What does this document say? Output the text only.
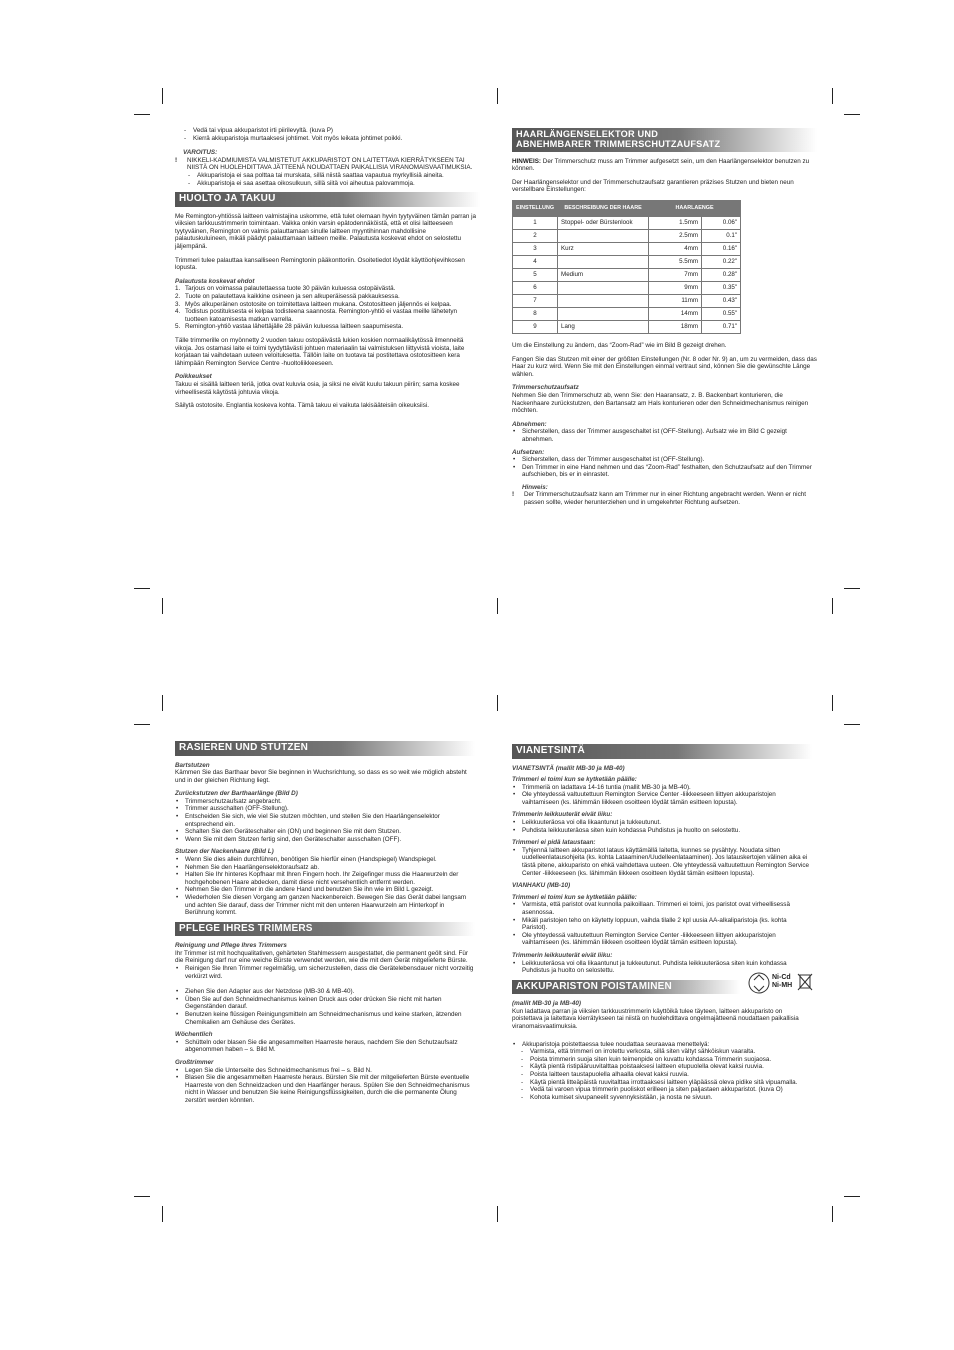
- Vedä tai vipua akkuparistot irti piirilevyltä. (kuva P)
- Kierrä akkuparistoja murtaaksesi johtimet. Voit myös leikata johtimet poikki.
VAROITUS:
! NIKKELI-KADMIUMISTA VALMISTETUT AKKUPARISTOT ON LAITETTAVA KIERRÄTYKSEEN TAI NIISTÄ ON HUOLEHDITTAVA JÄTTEENÄ NOUDATTAEN PAIKALLISIA VIRANOMAISVAATIMUKSIA.
- Akkuparistoja ei saa polttaa tai murskata, sillä niistä saattaa vapautua myrkyllisiä aineita.
- Akkuparistoja ei saa asettaa oikosulkuun, sillä siitä voi aiheutua palovammoja.
HUOLTO JA TAKUU

Me Remington-yhtiössä laitteen valmistajina uskomme, että tulet olemaan hyvin tyytyväinen tämän parran ja viiksien tarkkuustrimmerin toimintaan. Vaikka onkin varsin epätodennäköistä, että et olisi laitteeseen tyytyväinen, Remington on valmis palauttamaan sinulle laitteen myyntihinnan mahdollisine palautuskuluineen, mikäli päädyt palauttamaan laitteen meille. Palautusta koskevat ehdot on selostettu jäljempänä.

Trimmeri tulee palauttaa kansalliseen Remingtonin pääkonttoriin. Osoitetiedot löydät käyttöohjevihkosen lopusta.

Palautusta koskevat ehdot
1. Tarjous on voimassa palautettaessa tuote 30 päivän kuluessa ostopäivästä.
2. Tuote on palautettava kaikkine osineen ja sen alkuperäisessä pakkauksessa.
3. Myös alkuperäinen ostotosite on toimitettava laitteen mukana. Ostotositteen jäljennös ei kelpaa.
4. Todistus postituksesta ei kelpaa todisteena saannosta. Remington-yhtiö ei vastaa meille lähetetyn tuotteen katoamisesta matkan varrella.
5. Remington-yhtiö vastaa lähettäjälle 28 päivän kuluessa laitteen saapumisesta.

Tälle trimmerille on myönnetty 2 vuoden takuu ostopäivästä lukien koskien normaalikäytössä ilmenneitä vikoja. Jos ostamasi laite ei toimi tyydyttävästi johtuen materiaalin tai valmistuksen liittyvistä vioista, laite korjataan tai vaihdetaan uuteen veloituksetta. Tällöin laite on tuotava tai postitettava ostotositteen kera lähimpään Remington Service Centre -huoltoliikkeeseen.

Poikkeukset

Takuu ei sisällä laitteen teriä, jotka ovat kuluvia osia, ja siksi ne eivät kuulu takuun piiriin; sama koskee virheellisestä käytöstä johtuvia vikoja.

Säilytä ostotosite. Englantia koskeva kohta. Tämä takuu ei vaikuta lakisääteisiin oikeuksiisi.

HAARLÄNGENSELEKTOR UND
ABNEHMBARER TRIMMERSCHUTZAUFSATZ

HINWEIS: Der Trimmerschutz muss am Trimmer aufgesetzt sein, um den Haarlängenselektor benutzen zu können.

Der Haarlängenselektor und der Trimmerschutzaufsatz garantieren präzises Stutzen und bieten neun verstellbare Einstellungen:

EINSTELLUNG	BESCHREIBUNG DER HAARE	HAARLAENGE	
1	Stoppel- oder Bürstenlook	1.5mm	0.06"
2		2.5mm	0.1"
3	Kurz	4mm	0.16"
4		5.5mm	0.22"
5	Medium	7mm	0.28"
6		9mm	0.35"
7		11mm	0.43"
8		14mm	0.55"
9	Lang	18mm	0.71"

Um die Einstellung zu ändern, das “Zoom-Rad” wie im Bild B gezeigt drehen.

Fangen Sie das Stutzen mit einer der größten Einstellungen (Nr. 8 oder Nr. 9) an, um zu vermeiden, dass das Haar zu kurz wird. Wenn Sie mit den Einstellungen einmal vertraut sind, können Sie die gewünschte Länge wählen.

Trimmerschutzaufsatz

Nehmen Sie den Trimmerschutz ab, wenn Sie: den Haaransatz, z. B. Backenbart konturieren, die Nackenhaare zurückstutzen, den Bartansatz am Hals konturieren oder den Schneidmechanismus reinigen möchten.

Abnehmen:
• Sicherstellen, dass der Trimmer ausgeschaltet ist (OFF-Stellung). Aufsatz wie im Bild C gezeigt abnehmen.
Aufsetzen:
• Sicherstellen, dass der Trimmer ausgeschaltet ist (OFF-Stellung).
• Den Trimmer in eine Hand nehmen und das “Zoom-Rad” festhalten, den Schutzaufsatz auf den Trimmer aufschieben, bis er in einrastet.
Hinweis:
! Der Trimmerschutzaufsatz kann am Trimmer nur in einer Richtung angebracht werden. Wenn er nicht passen sollte, wieder herunterziehen und in umgekehrter Richtung aufsetzen.
RASIEREN UND STUTZEN
Bartstutzen

Kämmen Sie das Barthaar bevor Sie beginnen in Wuchsrichtung, so dass es so weit wie möglich absteht und in der gleichen Richtung liegt.

Zurückstutzen der Barthaarlänge (Bild D)
• Trimmerschutzaufsatz angebracht.
• Trimmer ausschalten (OFF-Stellung).
• Entscheiden Sie sich, wie viel Sie stutzen möchten, und stellen Sie den Haarlängenselektor entsprechend ein.
• Schalten Sie den Geräteschalter ein (ON) und beginnen Sie mit dem Stutzen.
• Wenn Sie mit dem Stutzen fertig sind, den Geräteschalter ausschalten (OFF).
Stutzen der Nackenhaare (Bild L)
• Wenn Sie dies allein durchführen, benötigen Sie hierfür einen (Handspiegel) Wandspiegel.
• Nehmen Sie den Haarlängenselektoraufsatz ab.
• Halten Sie Ihr hinteres Kopfhaar mit Ihren Fingern hoch. Ihr Zeigefinger muss die Haarwurzeln der hochgehobenen Haare abdecken, damit diese nicht versehentlich entfernt werden.
• Nehmen Sie den Trimmer in die andere Hand und benutzen Sie ihn wie im Bild L gezeigt.
• Wiederholen Sie diesen Vorgang am ganzen Nackenbereich. Bewegen Sie das Gerät dabei langsam und achten Sie darauf, dass der Trimmer nicht mit den unteren Haarwurzeln am Hinterkopf in Berührung kommt.
PFLEGE IHRES TRIMMERS
Reinigung und Pflege Ihres Trimmers

Ihr Trimmer ist mit hochqualitativen, gehärteten Stahlmessern ausgestattet, die permanent geölt sind. Für die Reinigung darf nur eine weiche Bürste verwendet werden, wie die mit dem Gerät mitgelieferte Bürste.

• Reinigen Sie Ihren Trimmer regelmäßig, um sicherzustellen, dass die Gerätelebensdauer nicht vorzeitig verkürzt wird.
• Ziehen Sie den Adapter aus der Netzdose (MB-30 & MB-40).
• Üben Sie auf den Schneidmechanismus keinen Druck aus oder drücken Sie nicht mit harten Gegenständen darauf.
• Benutzen keine flüssigen Reinigungsmitteln am Schneidmechanismus und keine starken, ätzenden Chemikalien am Gehäuse des Gerätes.
Wöchentlich
• Schütteln oder blasen Sie die angesammelten Haarreste heraus, nachdem Sie den Schutzaufsatz abgenommen haben – s. Bild M.
Großtrimmer
• Legen Sie die Unterseite des Schneidmechanismus frei – s. Bild N.
• Blasen Sie die angesammelten Haarreste heraus. Bürsten Sie mit der mitgelieferten Bürste eventuelle Haarreste von den Schneidzacken und den Haarfänger heraus. Spülen Sie den Schneidmechanismus nicht in Wasser und benutzen Sie keine Reinigungsflüssigkeiten, durch die die permanente Ölung zerstört werden könnten.
VIANETSINTÄ
VIANETSINTÄ (mallit MB-30 ja MB-40)
Trimmeri ei toimi kun se kytketään päälle:
• Trimmeriä on ladattava 14-16 tuntia (mallit MB-30 ja MB-40).
• Ole yhteydessä valtuutettuun Remington Service Center -liikkeeseen liittyen akkuparistojen vaihtamiseen (ks. lähimmän liikkeen osoitteen löydät tämän esitteen lopusta).
Trimmerin leikkuuterät eivät liiku:
• Leikkuuteräosa voi olla likaantunut ja tukkeutunut.
• Puhdista leikkuuteräosa siten kuin kohdassa Puhdistus ja huolto on selostettu.
Trimmeri ei pidä lataustaan:
• Tyhjennä laitteen akkuparistot lataus käyttämällä laitetta, kunnes se pysähtyy. Noudata sitten uudelleenlatausohjeita (ks. kohta Lataaminen/Uudelleenlataaminen). Jos latauskertojen välinen aika ei tästä pitene, akkuparisto on ehkä vaihdettava uuteen. Ole yhteydessä valtuutettuun Remington Service Center -liikkeeseen (ks. lähimmän liikkeen osoitteen löydät tämän esitteen lopusta).
VIANHAKU (MB-10)
Trimmeri ei toimi kun se kytketään päälle:
• Varmista, että paristot ovat kunnolla paikoillaan. Trimmeri ei toimi, jos paristot ovat virheellisessä asennossa.
• Mikäli paristojen teho on käytetty loppuun, vaihda tilalle 2 kpl uusia AA-alkaliparistoja (ks. kohta Paristot).
• Ole yhteydessä valtuutettuun Remington Service Center -liikkeeseen liittyen akkuparistojen vaihtamiseen (ks. lähimmän liikkeen osoitteen löydät tämän esitteen lopusta).
Trimmerin leikkuuterät eivät liiku:
• Leikkuuteräosa voi olla likaantunut ja tukkeutunut. Puhdista leikkuuteräosa siten kuin kohdassa Puhdistus ja huolto on selostettu.
AKKUPARISTON POISTAMINEN
Ni-Cd
Ni-MH
(mallit MB-30 ja MB-40)

Kun ladattava parran ja viiksien tarkkuustrimmerin käyttöikä tulee täyteen, laitteen akkuparisto on poistettava ja laitettava kierrätykseen tai niistä on huolehdittava ongelmajätteenä noudattaen paikallisia viranomaisvaatimuksia.

• Akkuparistoja poistettaessa tulee noudattaa seuraavaa menettelyä:
- Varmista, että trimmeri on irrotettu verkosta, sillä siten vältyt sähköiskun vaaralta.
- Poista trimmerin suoja siten kuin teimenpide on kuvattu kohdassa Trimmerin suojaosa.
- Käytä pientä ristipääruuvitalttaa poistaaksesi laitteen etupuolella olevat kaksi ruuvia.
- Poista laitteen taustapuolella alhaalla olevat kaksi ruuvia.
- Käytä pientä litteäpäistä ruuvitalttaa irrottaaksesi laitteen yläpäässä oleva pidike sitä vipuamalla.
- Vedä tai varoen vipua trimmerin puoliskot erilleen ja siten paljastaen akkuparistot. (kuva O)
- Kohota kumiset sivupaneelit syvennyksistään, ja nosta ne sivuun.
